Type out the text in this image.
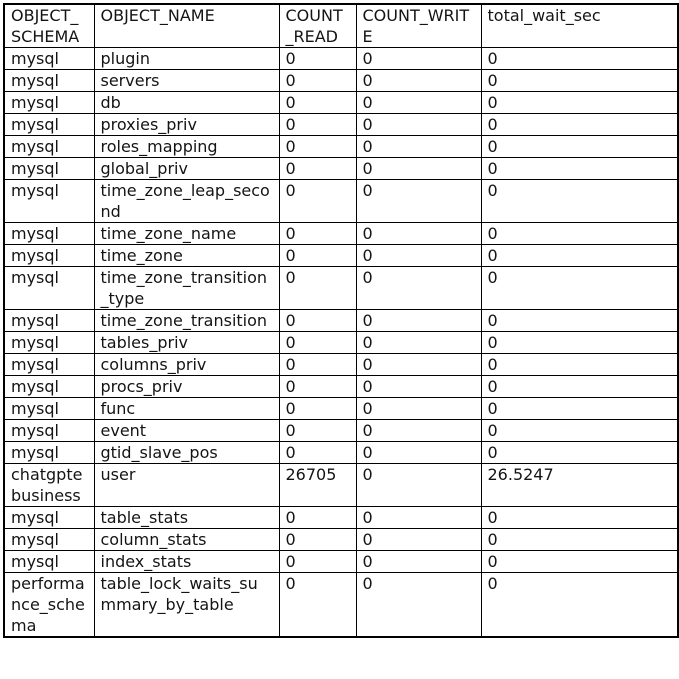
OBJECT_SCHEMA	OBJECT_NAME	COUNT_READ	COUNT_WRITE	total_wait_sec
mysql	plugin	0	0	0
mysql	servers	0	0	0
mysql	db	0	0	0
mysql	proxies_priv	0	0	0
mysql	roles_mapping	0	0	0
mysql	global_priv	0	0	0
mysql	time_zone_leap_second	0	0	0
mysql	time_zone_name	0	0	0
mysql	time_zone	0	0	0
mysql	time_zone_transition_type	0	0	0
mysql	time_zone_transition	0	0	0
mysql	tables_priv	0	0	0
mysql	columns_priv	0	0	0
mysql	procs_priv	0	0	0
mysql	func	0	0	0
mysql	event	0	0	0
mysql	gtid_slave_pos	0	0	0
chatgptebusiness	user	26705	0	26.5247
mysql	table_stats	0	0	0
mysql	column_stats	0	0	0
mysql	index_stats	0	0	0
performance_schema	table_lock_waits_summary_by_table	0	0	0
